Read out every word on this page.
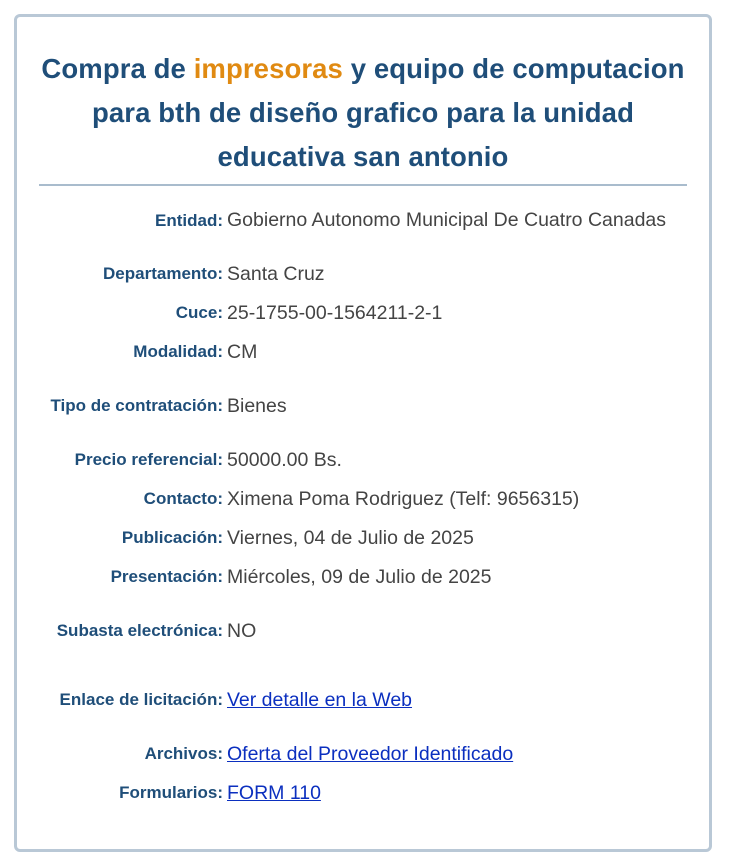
Compra de impresoras y equipo de computacion para bth de diseño grafico para la unidad educativa san antonio
Entidad:	Gobierno Autonomo Municipal De Cuatro Canadas
Departamento:	Santa Cruz
Cuce:	25-1755-00-1564211-2-1
Modalidad:	CM
Tipo de contratación:	Bienes
Precio referencial:	50000.00 Bs.
Contacto:	Ximena Poma Rodriguez (Telf: 9656315)
Publicación:	Viernes, 04 de Julio de 2025
Presentación:	Miércoles, 09 de Julio de 2025
Subasta electrónica:	NO
Enlace de licitación:	Ver detalle en la Web
Archivos:	Oferta del Proveedor Identificado
Formularios:	FORM 110
